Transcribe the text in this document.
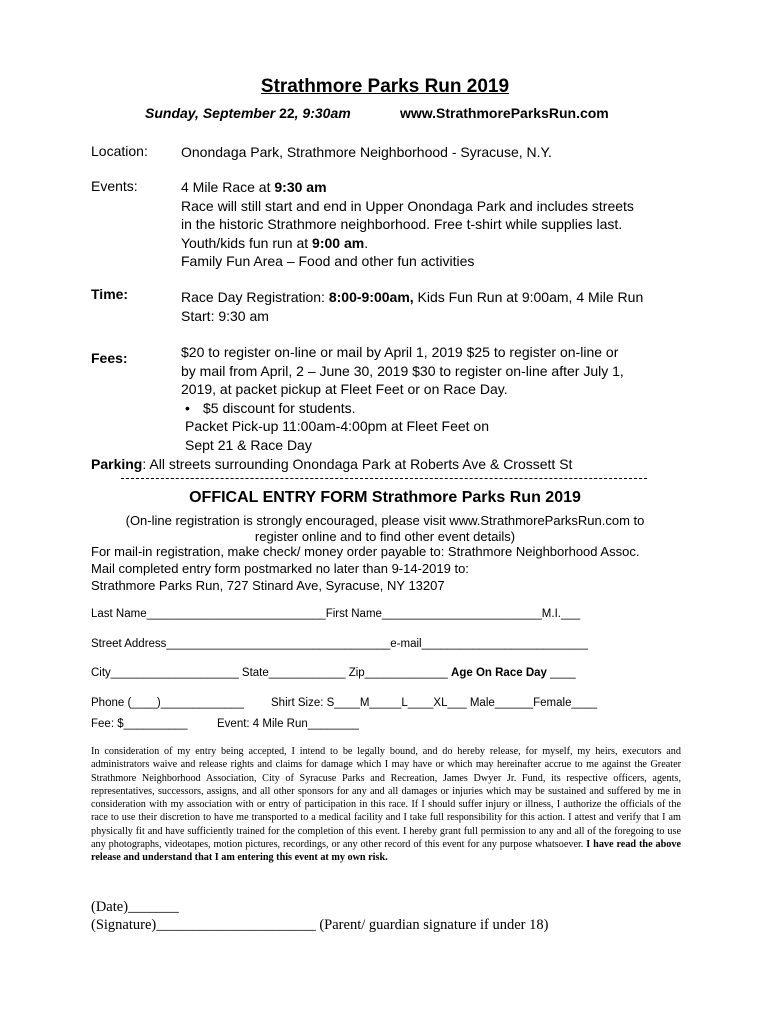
Strathmore Parks Run 2019
Sunday, September 22, 9:30am	www.StrathmoreParksRun.com
Location: Onondaga Park, Strathmore Neighborhood - Syracuse, N.Y.

Events:	4 Mile Race at 9:30 am

Race will still start and end in Upper Onondaga Park and includes streets

in the historic Strathmore neighborhood. Free t-shirt while supplies last.

Youth/kids fun run at 9:00 am.

Family Fun Area – Food and other fun activities

Time:	Race Day Registration: 8:00-9:00am, Kids Fun Run at 9:00am, 4 Mile Run

Start: 9:30 am

Fees:	$20 to register on-line or mail by April 1, 2019 $25 to register on-line or

by mail from April, 2 – June 30, 2019 $30 to register on-line after July 1,

2019, at packet pickup at Fleet Feet or on Race Day.

• $5 discount for students.

Packet Pick-up 11:00am-4:00pm at Fleet Feet on

Sept 21 & Race Day

Parking: All streets surrounding Onondaga Park at Roberts Ave & Crossett St
OFFICAL ENTRY FORM Strathmore Parks Run 2019
(On-line registration is strongly encouraged, please visit www.StrathmoreParksRun.com to
register online and to find other event details)

For mail-in registration, make check/ money order payable to: Strathmore Neighborhood Assoc.

Mail completed entry form postmarked no later than 9-14-2019 to:

Strathmore Parks Run, 727 Stinard Ave, Syracuse, NY 13207

Last Name____________________________First Name_________________________M.I.___
Street Address___________________________________e-mail__________________________
City____________________ State____________ Zip_____________ Age On Race Day ____
Phone (____)_____________ Shirt Size: S____M_____L____XL___ Male______Female____
Fee: $__________	Event: 4 Mile Run________
In consideration of my entry being accepted, I intend to be legally bound, and do hereby release, for myself, my heirs, executors and administrators waive and release rights and claims for damage which I may have or which may hereinafter accrue to me against the Greater Strathmore Neighborhood Association, City of Syracuse Parks and Recreation, James Dwyer Jr. Fund, its respective officers, agents, representatives, successors, assigns, and all other sponsors for any and all damages or injuries which may be sustained and suffered by me in consideration with my association with or entry of participation in this race. If I should suffer injury or illness, I authorize the officials of the race to use their discretion to have me transported to a medical facility and I take full responsibility for this action. I attest and verify that I am physically fit and have sufficiently trained for the completion of this event. I hereby grant full permission to any and all of the foregoing to use any photographs, videotapes, motion pictures, recordings, or any other record of this event for any purpose whatsoever. I have read the above release and understand that I am entering this event at my own risk.
(Date)_______
(Signature)______________________ (Parent/ guardian signature if under 18)
